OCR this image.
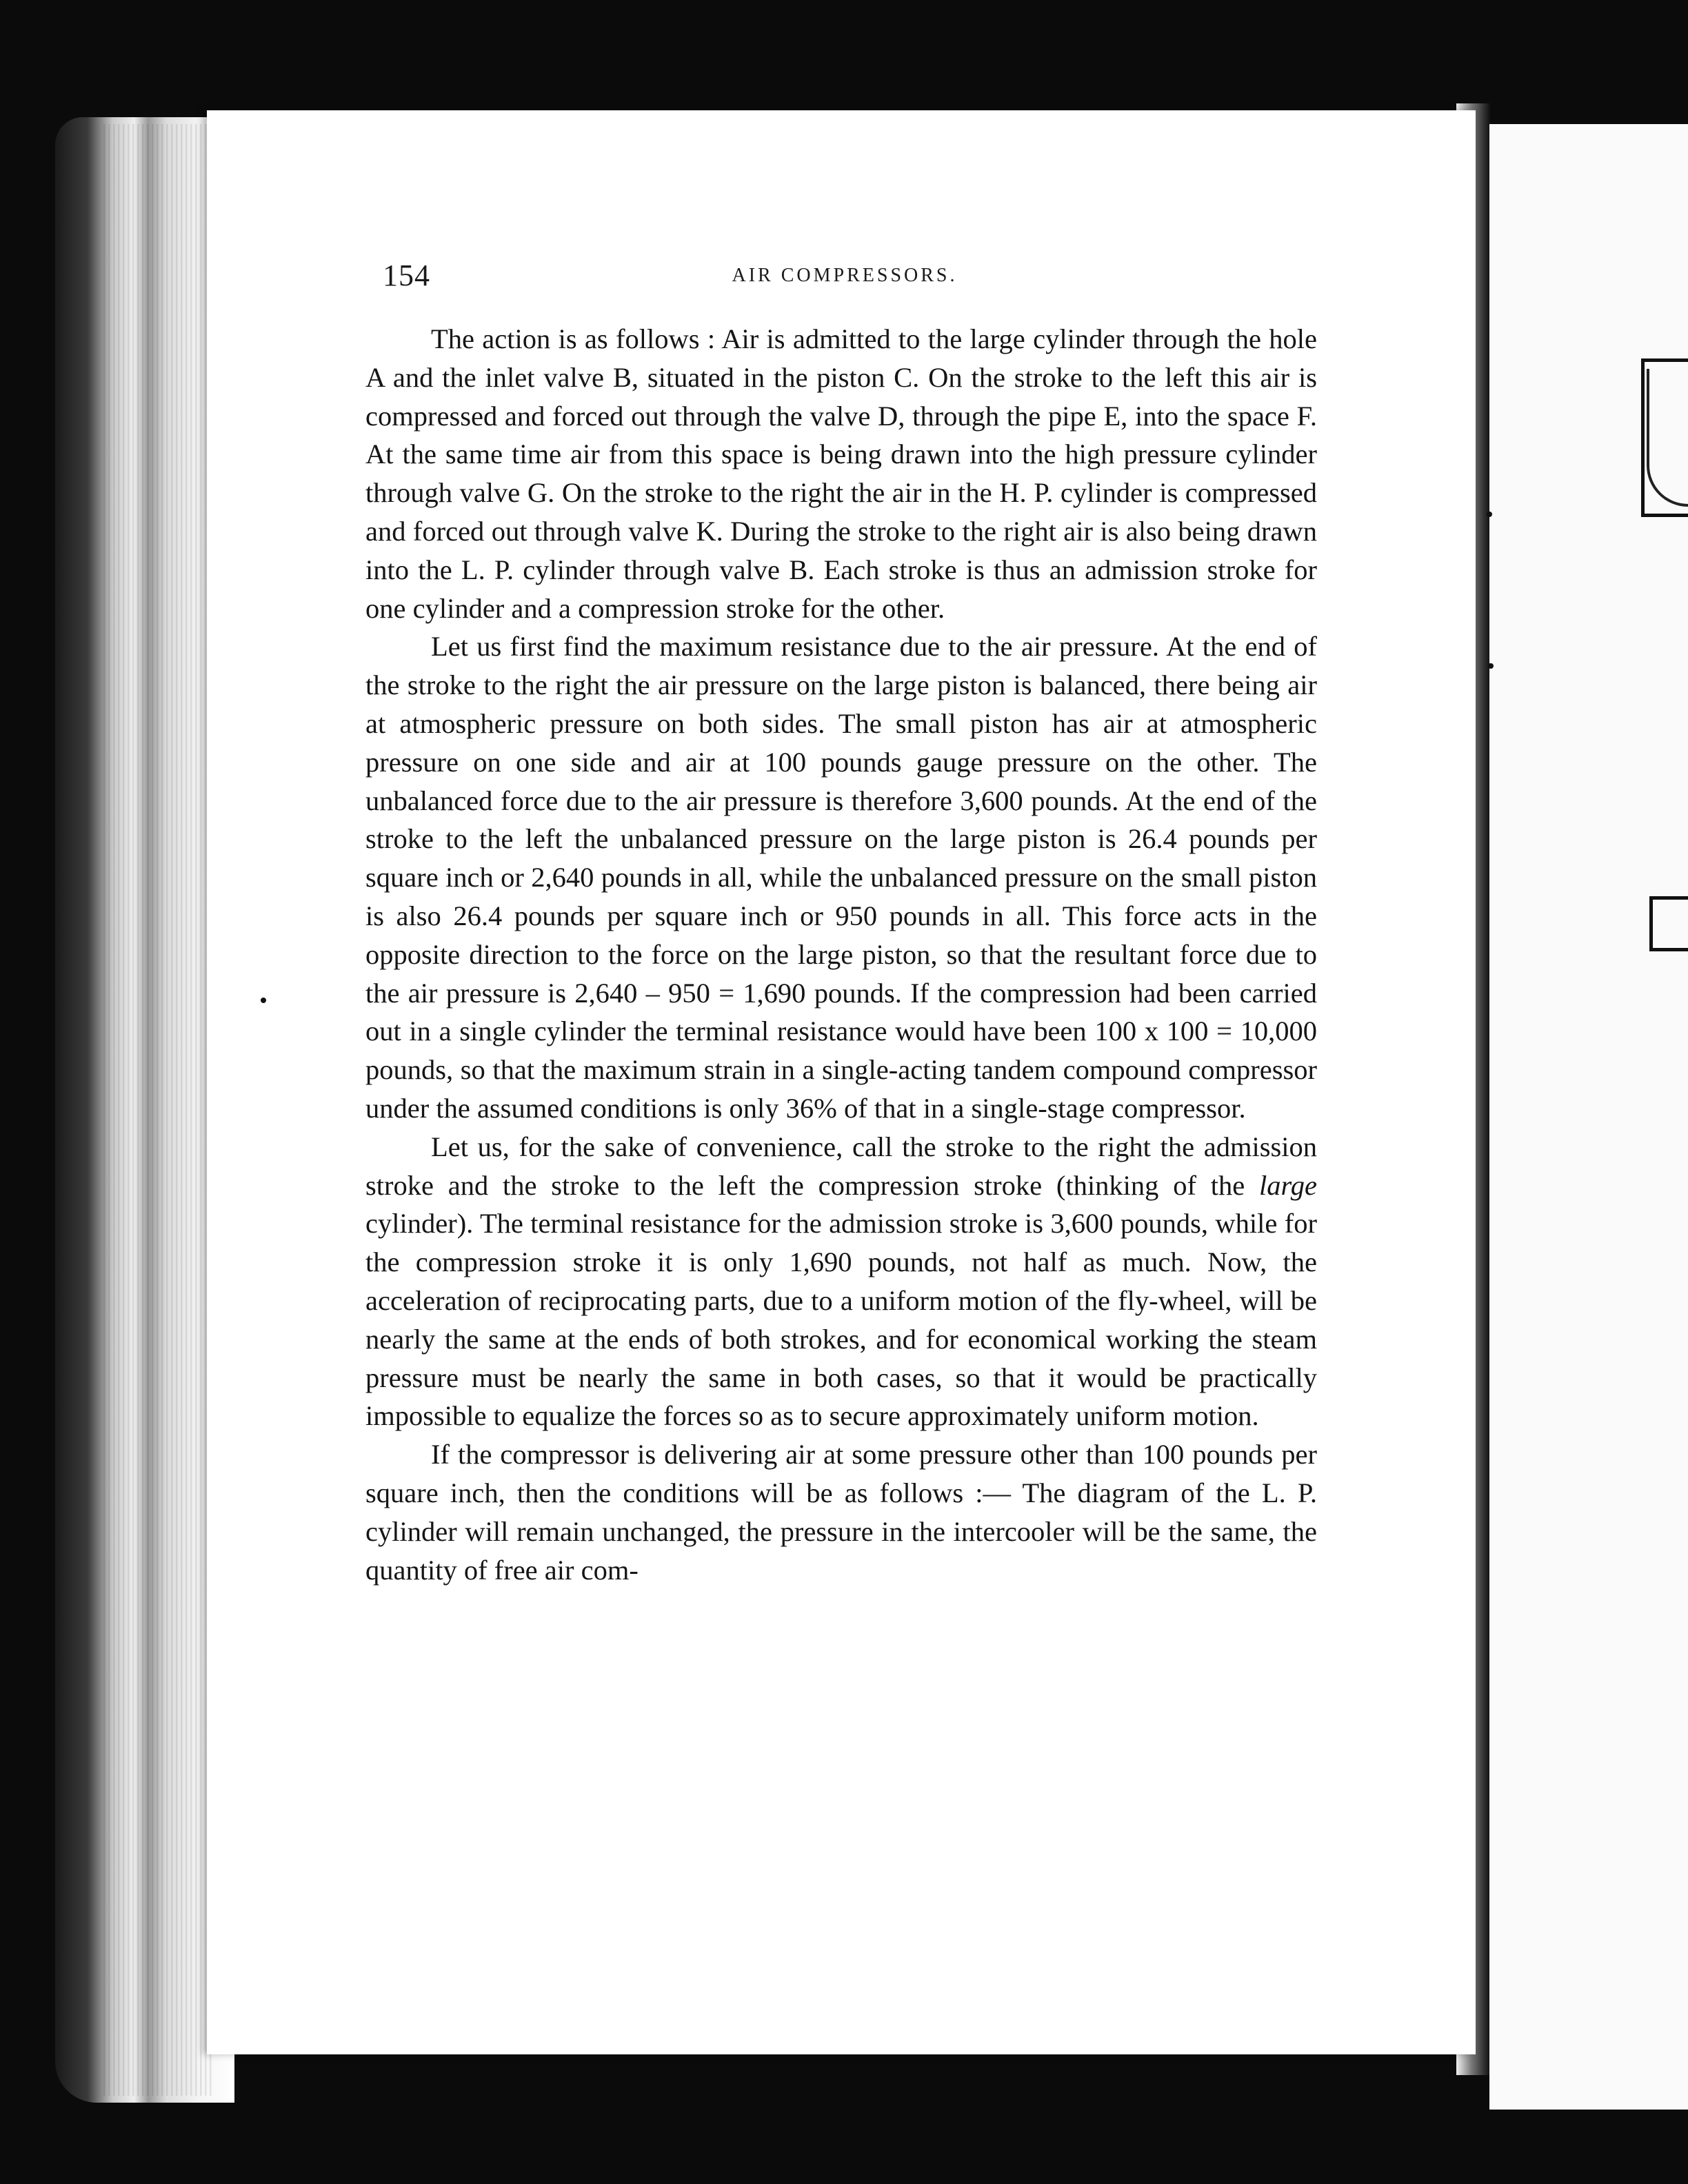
154	AIR COMPRESSORS.

The action is as follows : Air is admitted to the large cylinder through the hole A and the inlet valve B, situated in the piston C. On the stroke to the left this air is compressed and forced out through the valve D, through the pipe E, into the space F. At the same time air from this space is being drawn into the high pressure cylinder through valve G. On the stroke to the right the air in the H. P. cylinder is compressed and forced out through valve K. During the stroke to the right air is also being drawn into the L. P. cylinder through valve B. Each stroke is thus an admission stroke for one cylinder and a compression stroke for the other.

Let us first find the maximum resistance due to the air pressure. At the end of the stroke to the right the air pressure on the large piston is balanced, there being air at atmospheric pressure on both sides. The small piston has air at atmospheric pressure on one side and air at 100 pounds gauge pressure on the other. The unbalanced force due to the air pressure is therefore 3,600 pounds. At the end of the stroke to the left the unbalanced pressure on the large piston is 26.4 pounds per square inch or 2,640 pounds in all, while the unbalanced pressure on the small piston is also 26.4 pounds per square inch or 950 pounds in all. This force acts in the opposite direction to the force on the large piston, so that the resultant force due to the air pressure is 2,640 – 950 = 1,690 pounds. If the compression had been carried out in a single cylinder the terminal resistance would have been 100 x 100 = 10,000 pounds, so that the maximum strain in a single-acting tandem compound compressor under the assumed conditions is only 36% of that in a single-stage compressor.

Let us, for the sake of convenience, call the stroke to the right the admission stroke and the stroke to the left the compression stroke (thinking of the large cylinder). The terminal resistance for the admission stroke is 3,600 pounds, while for the compression stroke it is only 1,690 pounds, not half as much. Now, the acceleration of reciprocating parts, due to a uniform motion of the fly-wheel, will be nearly the same at the ends of both strokes, and for economical working the steam pressure must be nearly the same in both cases, so that it would be practically impossible to equalize the forces so as to secure approximately uniform motion.

If the compressor is delivering air at some pressure other than 100 pounds per square inch, then the conditions will be as follows :— The diagram of the L. P. cylinder will remain unchanged, the pressure in the intercooler will be the same, the quantity of free air com-
